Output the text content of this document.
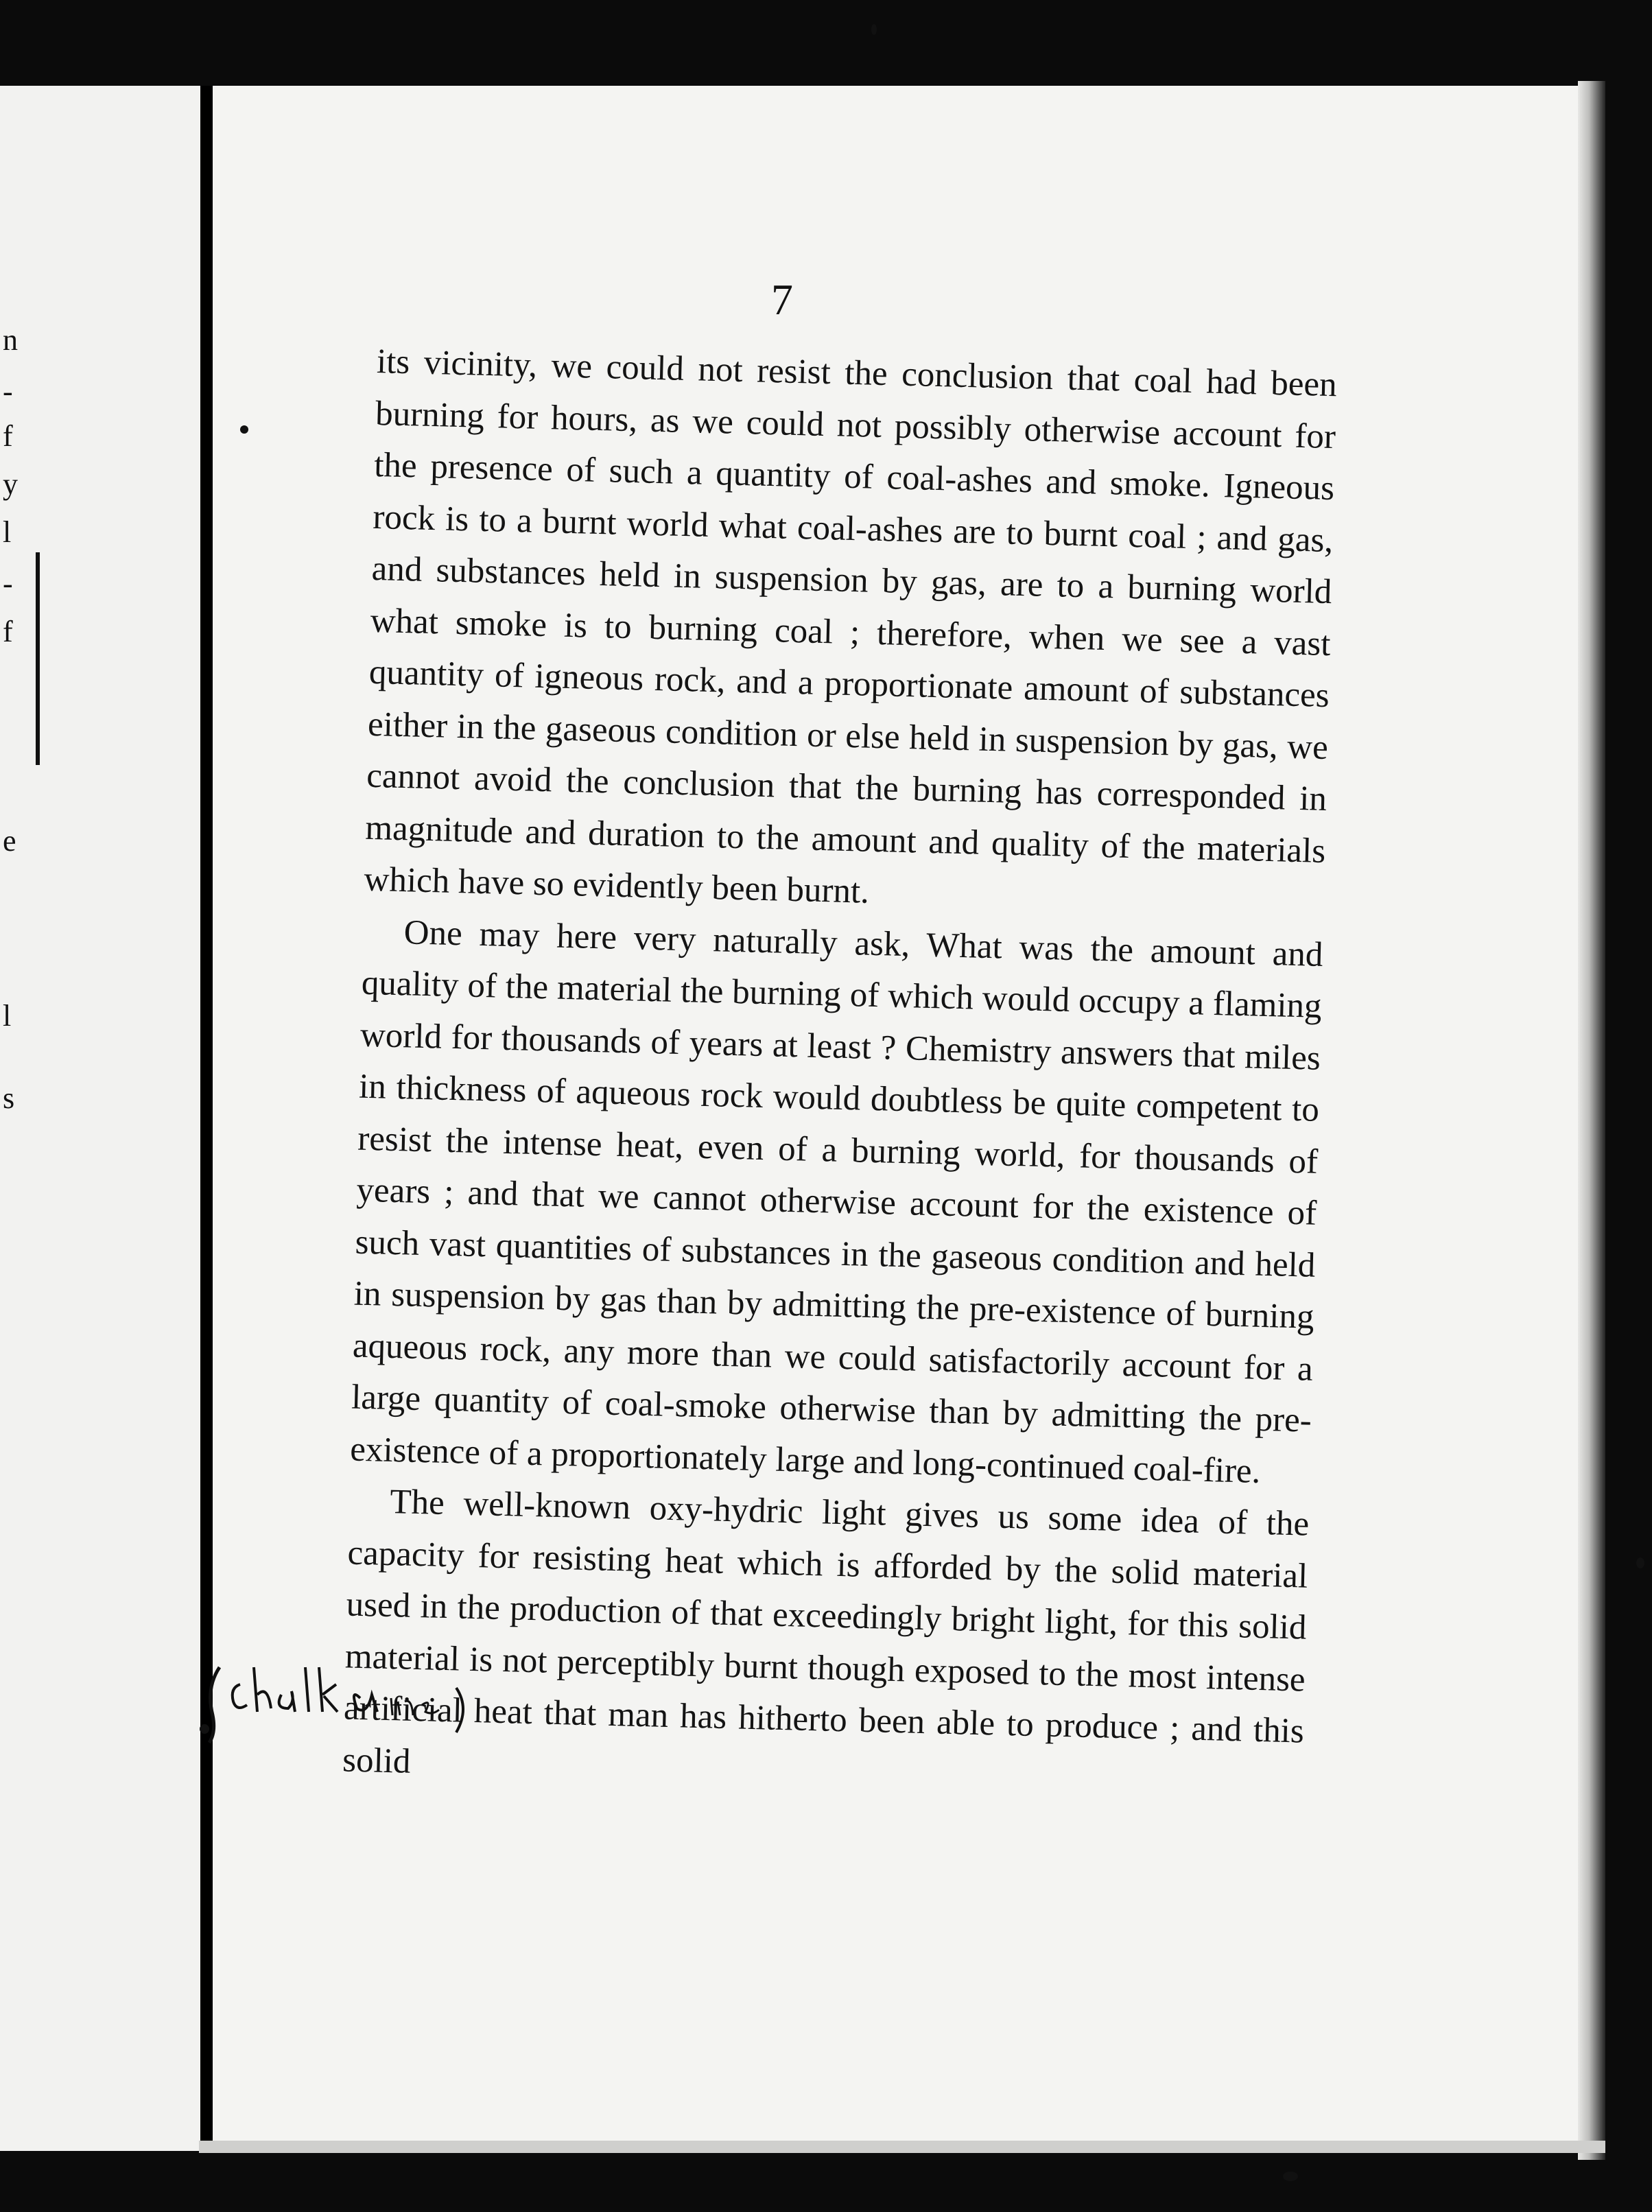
n
-
f
y
l
-
f
e
l
s
7

its vicinity, we could not resist the conclusion that coal had been burning for hours, as we could not possibly otherwise account for the presence of such a quantity of coal-ashes and smoke. Igneous rock is to a burnt world what coal-ashes are to burnt coal ; and gas, and substances held in suspension by gas, are to a burning world what smoke is to burning coal ; therefore, when we see a vast quantity of igneous rock, and a proportionate amount of substances either in the gaseous condition or else held in suspension by gas, we cannot avoid the conclusion that the burning has corresponded in magnitude and duration to the amount and quality of the materials which have so evidently been burnt.

One may here very naturally ask, What was the amount and quality of the material the burning of which would occupy a flaming world for thousands of years at least ? Chemistry answers that miles in thickness of aqueous rock would doubtless be quite competent to resist the intense heat, even of a burning world, for thousands of years ; and that we cannot otherwise account for the existence of such vast quantities of substances in the gaseous condition and held in suspension by gas than by admitting the pre-existence of burning aqueous rock, any more than we could satisfactorily account for a large quantity of coal-smoke otherwise than by admitting the pre-existence of a proportionately large and long-continued coal-fire.

The well-known oxy-hydric light gives us some idea of the capacity for resisting heat which is afforded by the solid material used in the production of that exceedingly bright light, for this solid material is not perceptibly burnt though exposed to the most intense artificial heat that man has hitherto been able to produce ; and this solid

(chalk & lime)
